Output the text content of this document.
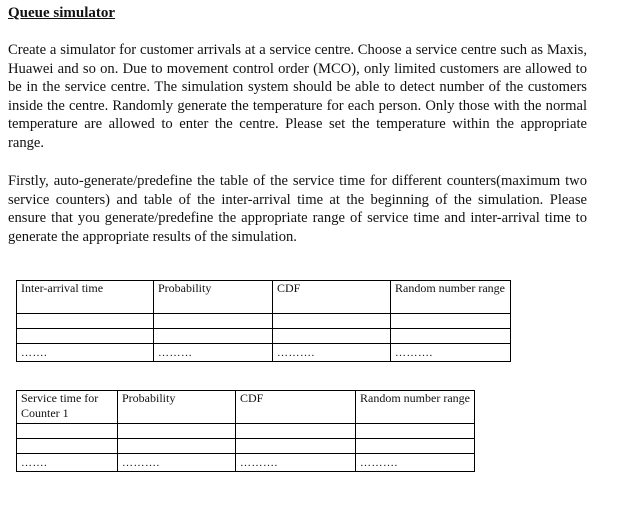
Queue simulator

Create a simulator for customer arrivals at a service centre. Choose a service centre such as Maxis, Huawei and so on. Due to movement control order (MCO), only limited customers are allowed to be in the service centre. The simulation system should be able to detect number of the customers inside the centre. Randomly generate the temperature for each person. Only those with the normal temperature are allowed to enter the centre. Please set the temperature within the appropriate range.

Firstly, auto-generate/predefine the table of the service time for different counters(maximum two service counters) and table of the inter-arrival time at the beginning of the simulation. Please ensure that you generate/predefine the appropriate range of service time and inter-arrival time to generate the appropriate results of the simulation.

Inter-arrival time	Probability	CDF	Random number range

…….	………	……….	……….
Service time for Counter 1	Probability	CDF	Random number range

…….	……….	……….	……….
